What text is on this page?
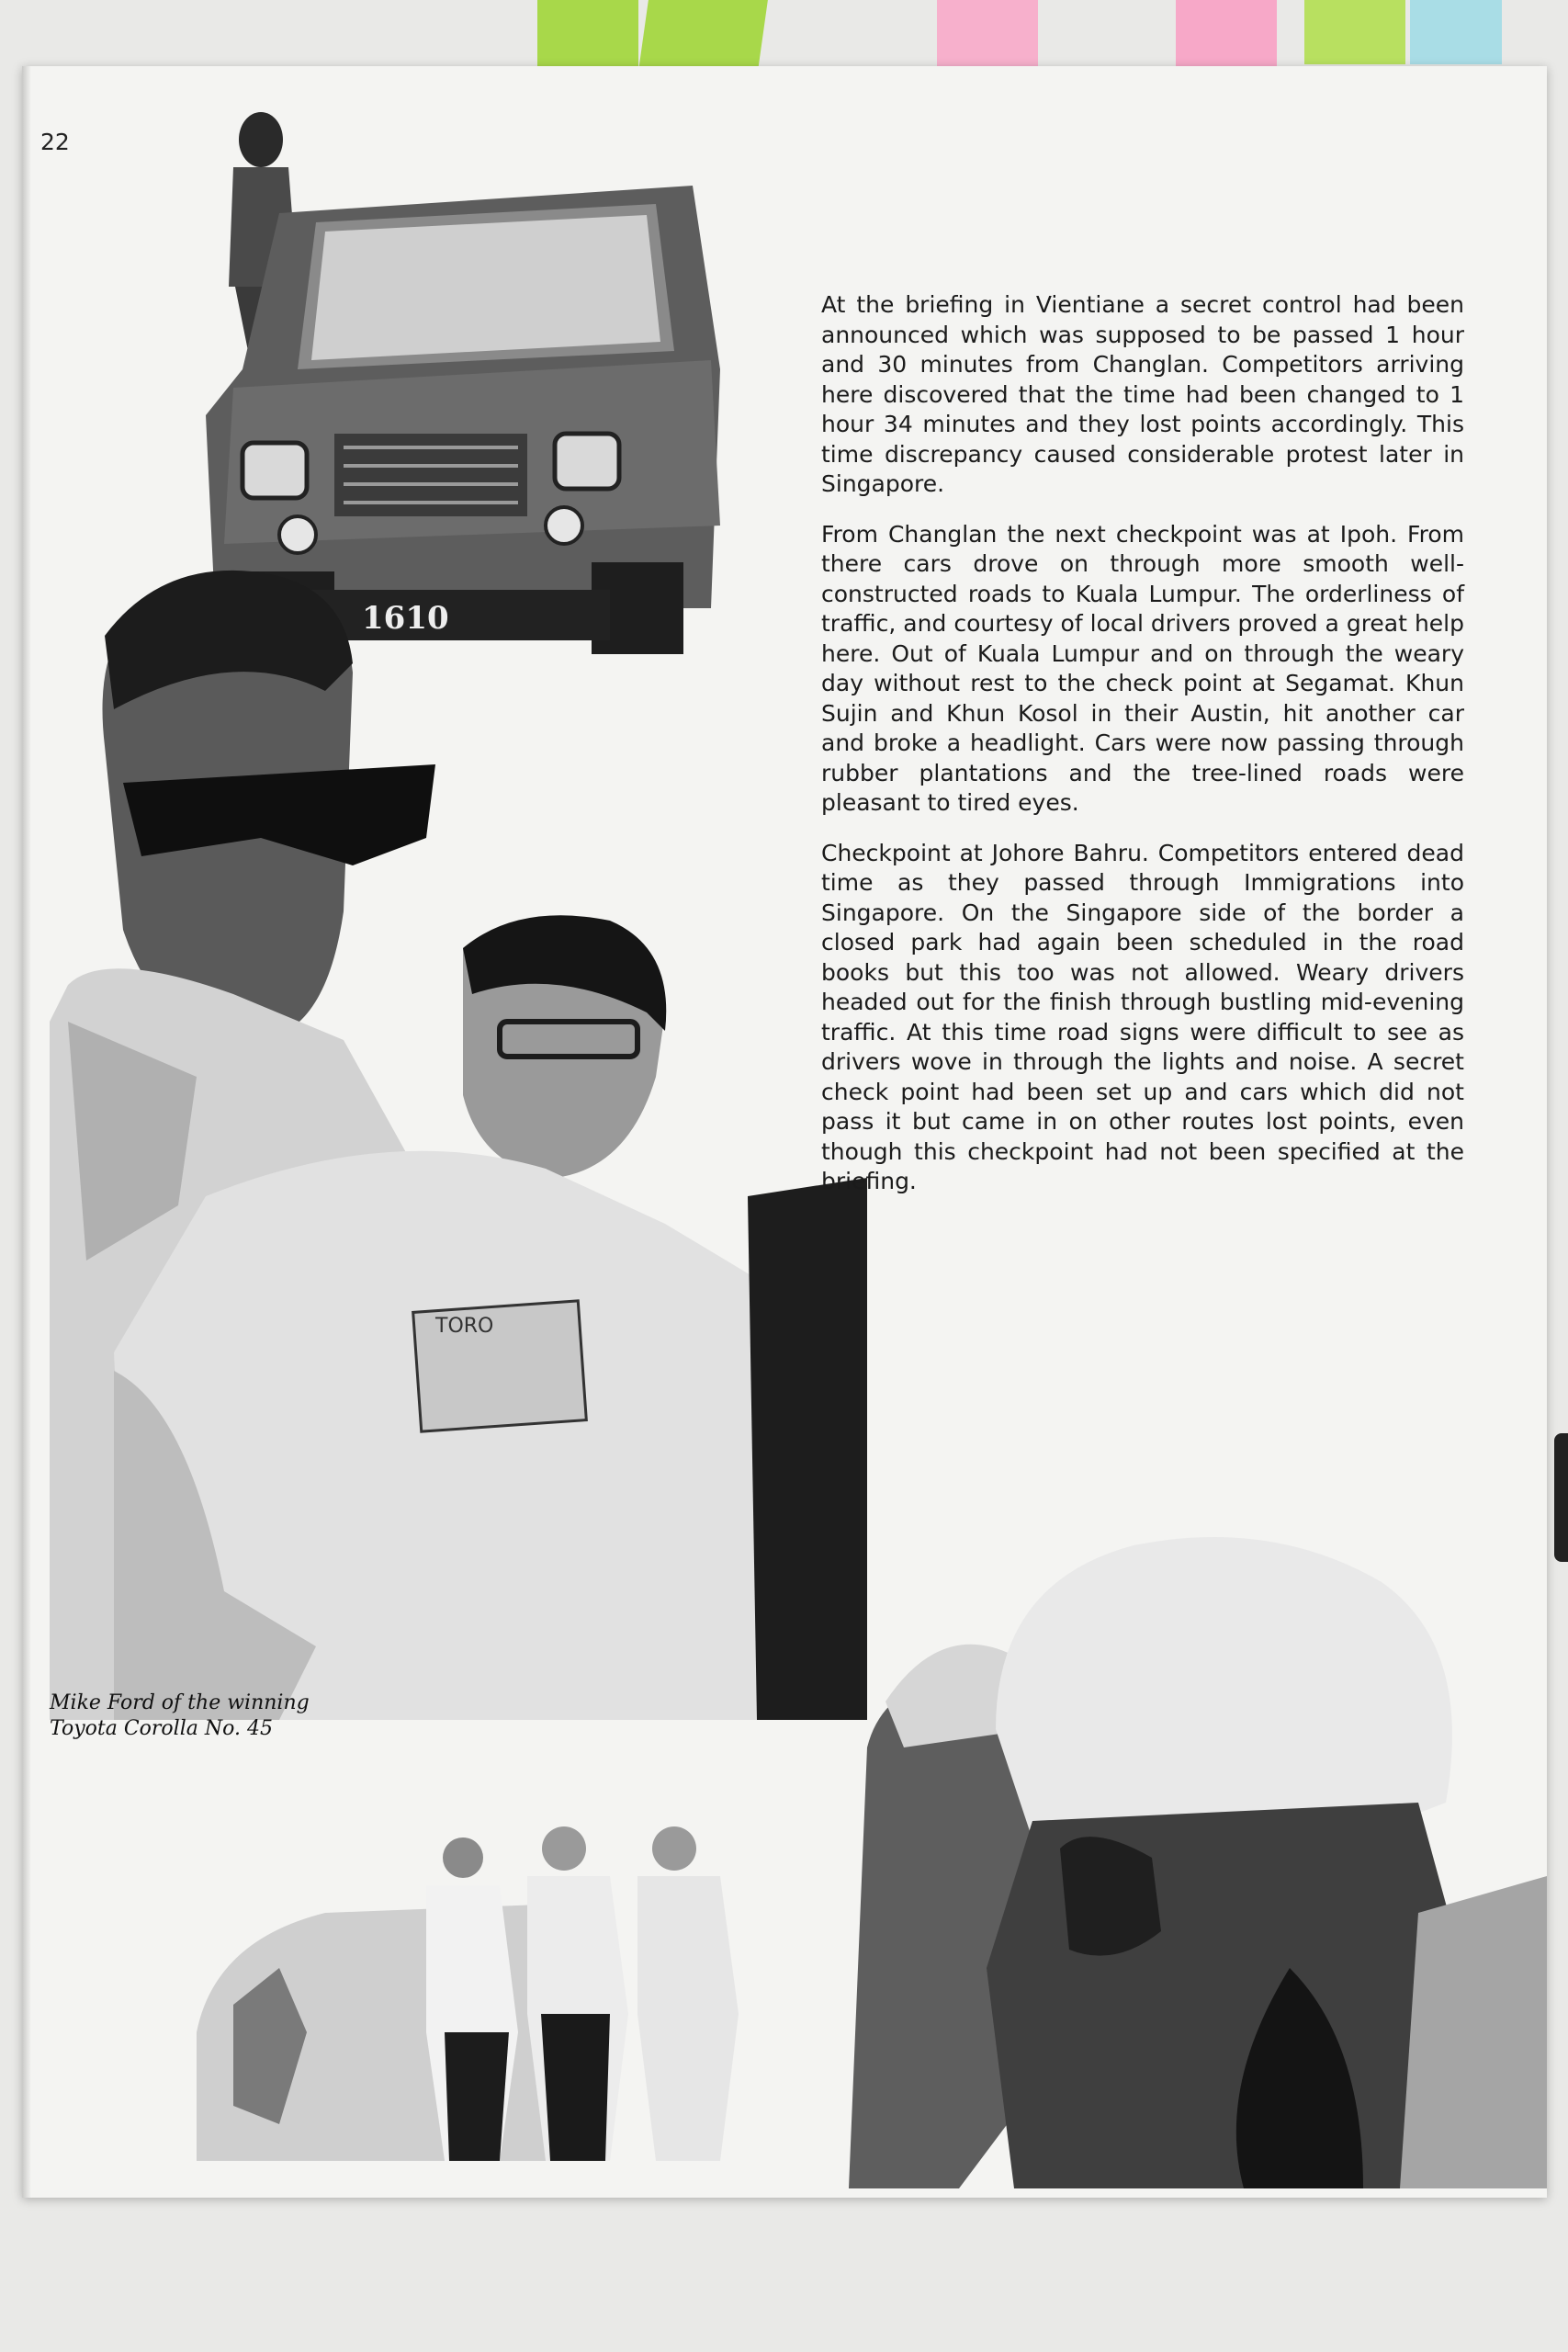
22
1610
TORO
Mike Ford of the winning
Toyota Corolla No. 45

At the briefing in Vientiane a secret control had been announced which was supposed to be passed 1 hour and 30 minutes from Changlan. Competitors arriving here discovered that the time had been changed to 1 hour 34 minutes and they lost points accordingly. This time discrepancy caused considerable protest later in Singapore.

From Changlan the next checkpoint was at Ipoh. From there cars drove on through more smooth well-constructed roads to Kuala Lumpur. The orderliness of traffic, and courtesy of local drivers proved a great help here. Out of Kuala Lumpur and on through the weary day without rest to the check point at Segamat. Khun Sujin and Khun Kosol in their Austin, hit another car and broke a headlight. Cars were now passing through rubber plantations and the tree-lined roads were pleasant to tired eyes.

Checkpoint at Johore Bahru. Competitors entered dead time as they passed through Immigrations into Singapore. On the Singapore side of the border a closed park had again been scheduled in the road books but this too was not allowed. Weary drivers headed out for the finish through bustling mid-evening traffic. At this time road signs were difficult to see as drivers wove in through the lights and noise. A secret check point had been set up and cars which did not pass it but came in on other routes lost points, even though this checkpoint had not been specified at the briefing.
